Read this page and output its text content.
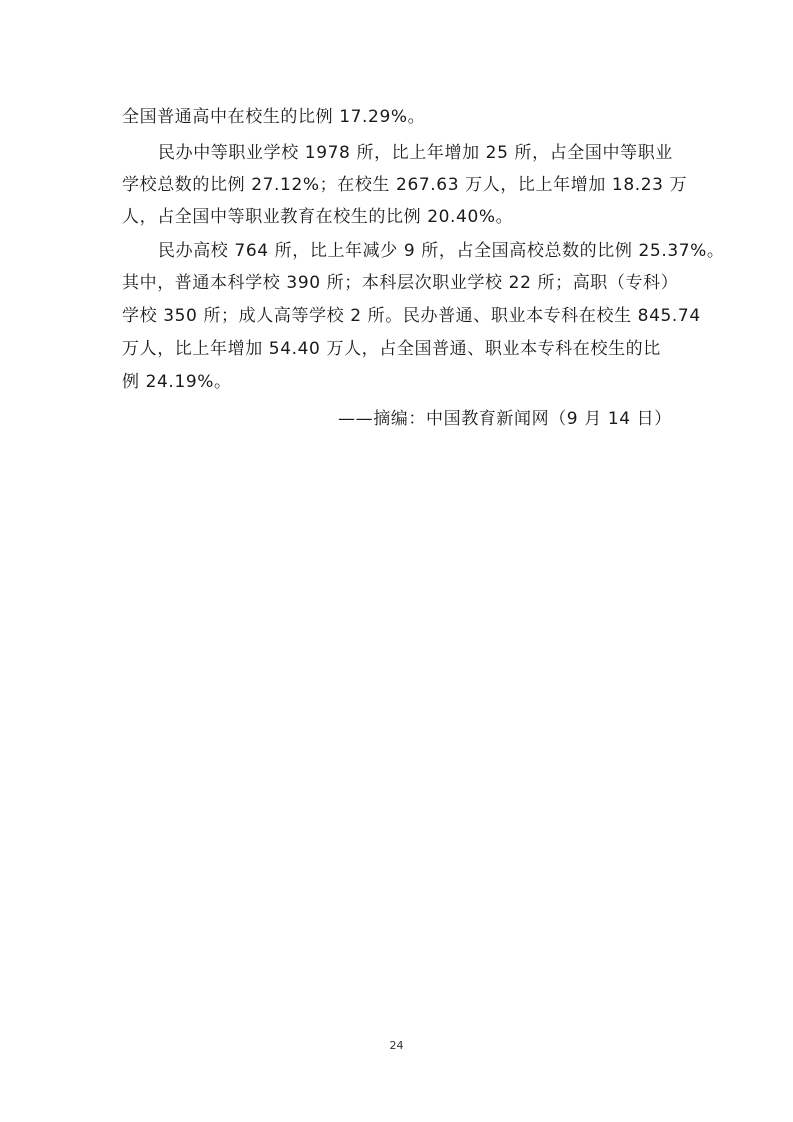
全国普通高中在校生的比例 17.29%。
民办中等职业学校 1978 所，比上年增加 25 所，占全国中等职业
学校总数的比例 27.12%；在校生 267.63 万人，比上年增加 18.23 万
人，占全国中等职业教育在校生的比例 20.40%。
民办高校 764 所，比上年减少 9 所，占全国高校总数的比例 25.37%。
其中，普通本科学校 390 所；本科层次职业学校 22 所；高职（专科）
学校 350 所；成人高等学校 2 所。民办普通、职业本专科在校生 845.74
万人，比上年增加 54.40 万人，占全国普通、职业本专科在校生的比
例 24.19%。
——摘编：中国教育新闻网（9 月 14 日）
24
